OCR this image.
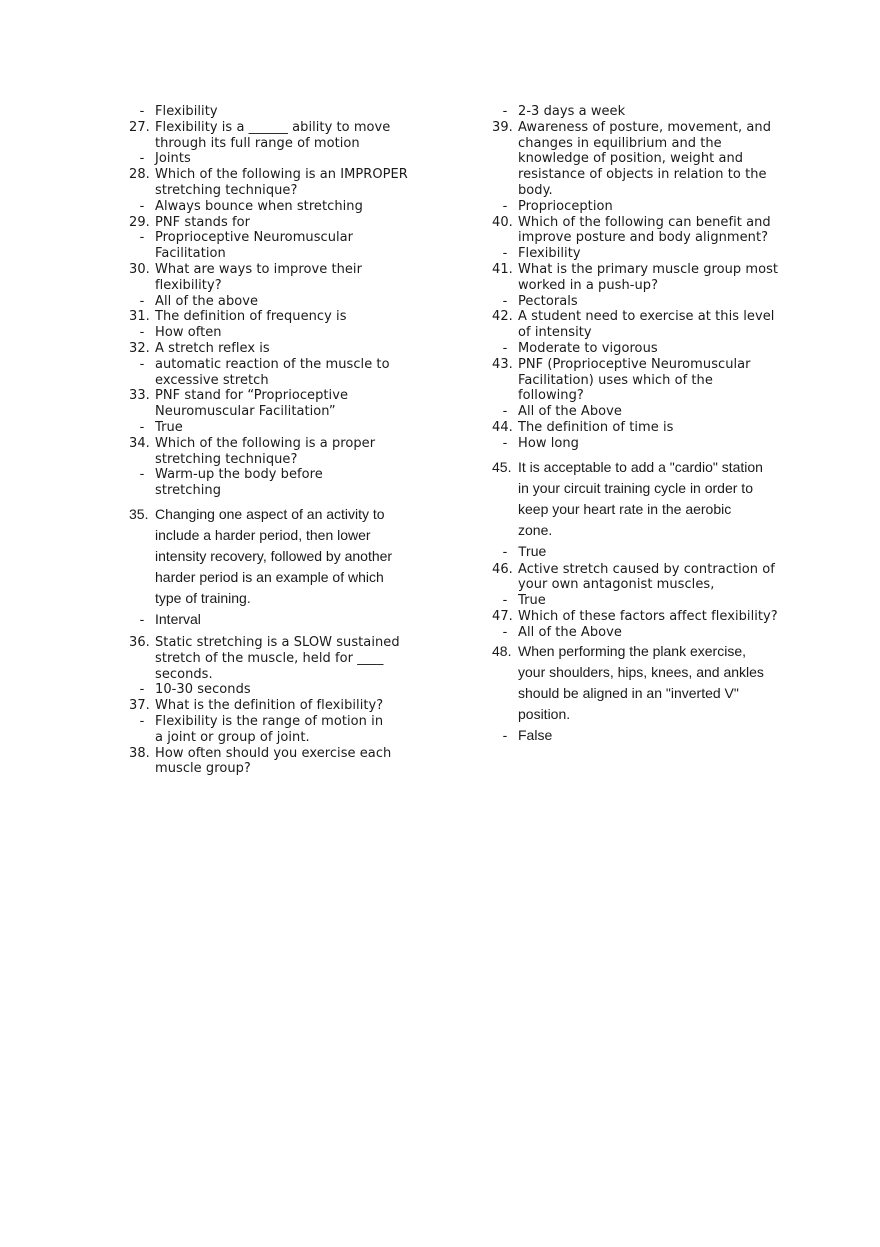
- Flexibility
27. Flexibility is a ______ ability to move
through its full range of motion
- Joints
28. Which of the following is an IMPROPER
stretching technique?
- Always bounce when stretching
29. PNF stands for
- Proprioceptive Neuromuscular
Facilitation
30. What are ways to improve their
flexibility?
- All of the above
31. The definition of frequency is
- How often
32. A stretch reflex is
- automatic reaction of the muscle to
excessive stretch
33. PNF stand for “Proprioceptive
Neuromuscular Facilitation”
- True
34. Which of the following is a proper
stretching technique?
- Warm-up the body before
stretching
35. Changing one aspect of an activity to
include a harder period, then lower
intensity recovery, followed by another
harder period is an example of which
type of training.
- Interval
36. Static stretching is a SLOW sustained
stretch of the muscle, held for ____
seconds.
- 10-30 seconds
37. What is the definition of flexibility?
- Flexibility is the range of motion in
a joint or group of joint.
38. How often should you exercise each
muscle group?
- 2-3 days a week
39. Awareness of posture, movement, and
changes in equilibrium and the
knowledge of position, weight and
resistance of objects in relation to the
body.
- Proprioception
40. Which of the following can benefit and
improve posture and body alignment?
- Flexibility
41. What is the primary muscle group most
worked in a push-up?
- Pectorals
42. A student need to exercise at this level
of intensity
- Moderate to vigorous
43. PNF (Proprioceptive Neuromuscular
Facilitation) uses which of the
following?
- All of the Above
44. The definition of time is
- How long
45. It is acceptable to add a "cardio" station
in your circuit training cycle in order to
keep your heart rate in the aerobic
zone.
- True
46. Active stretch caused by contraction of
your own antagonist muscles,
- True
47. Which of these factors affect flexibility?
- All of the Above
48. When performing the plank exercise,
your shoulders, hips, knees, and ankles
should be aligned in an "inverted V"
position.
- False
